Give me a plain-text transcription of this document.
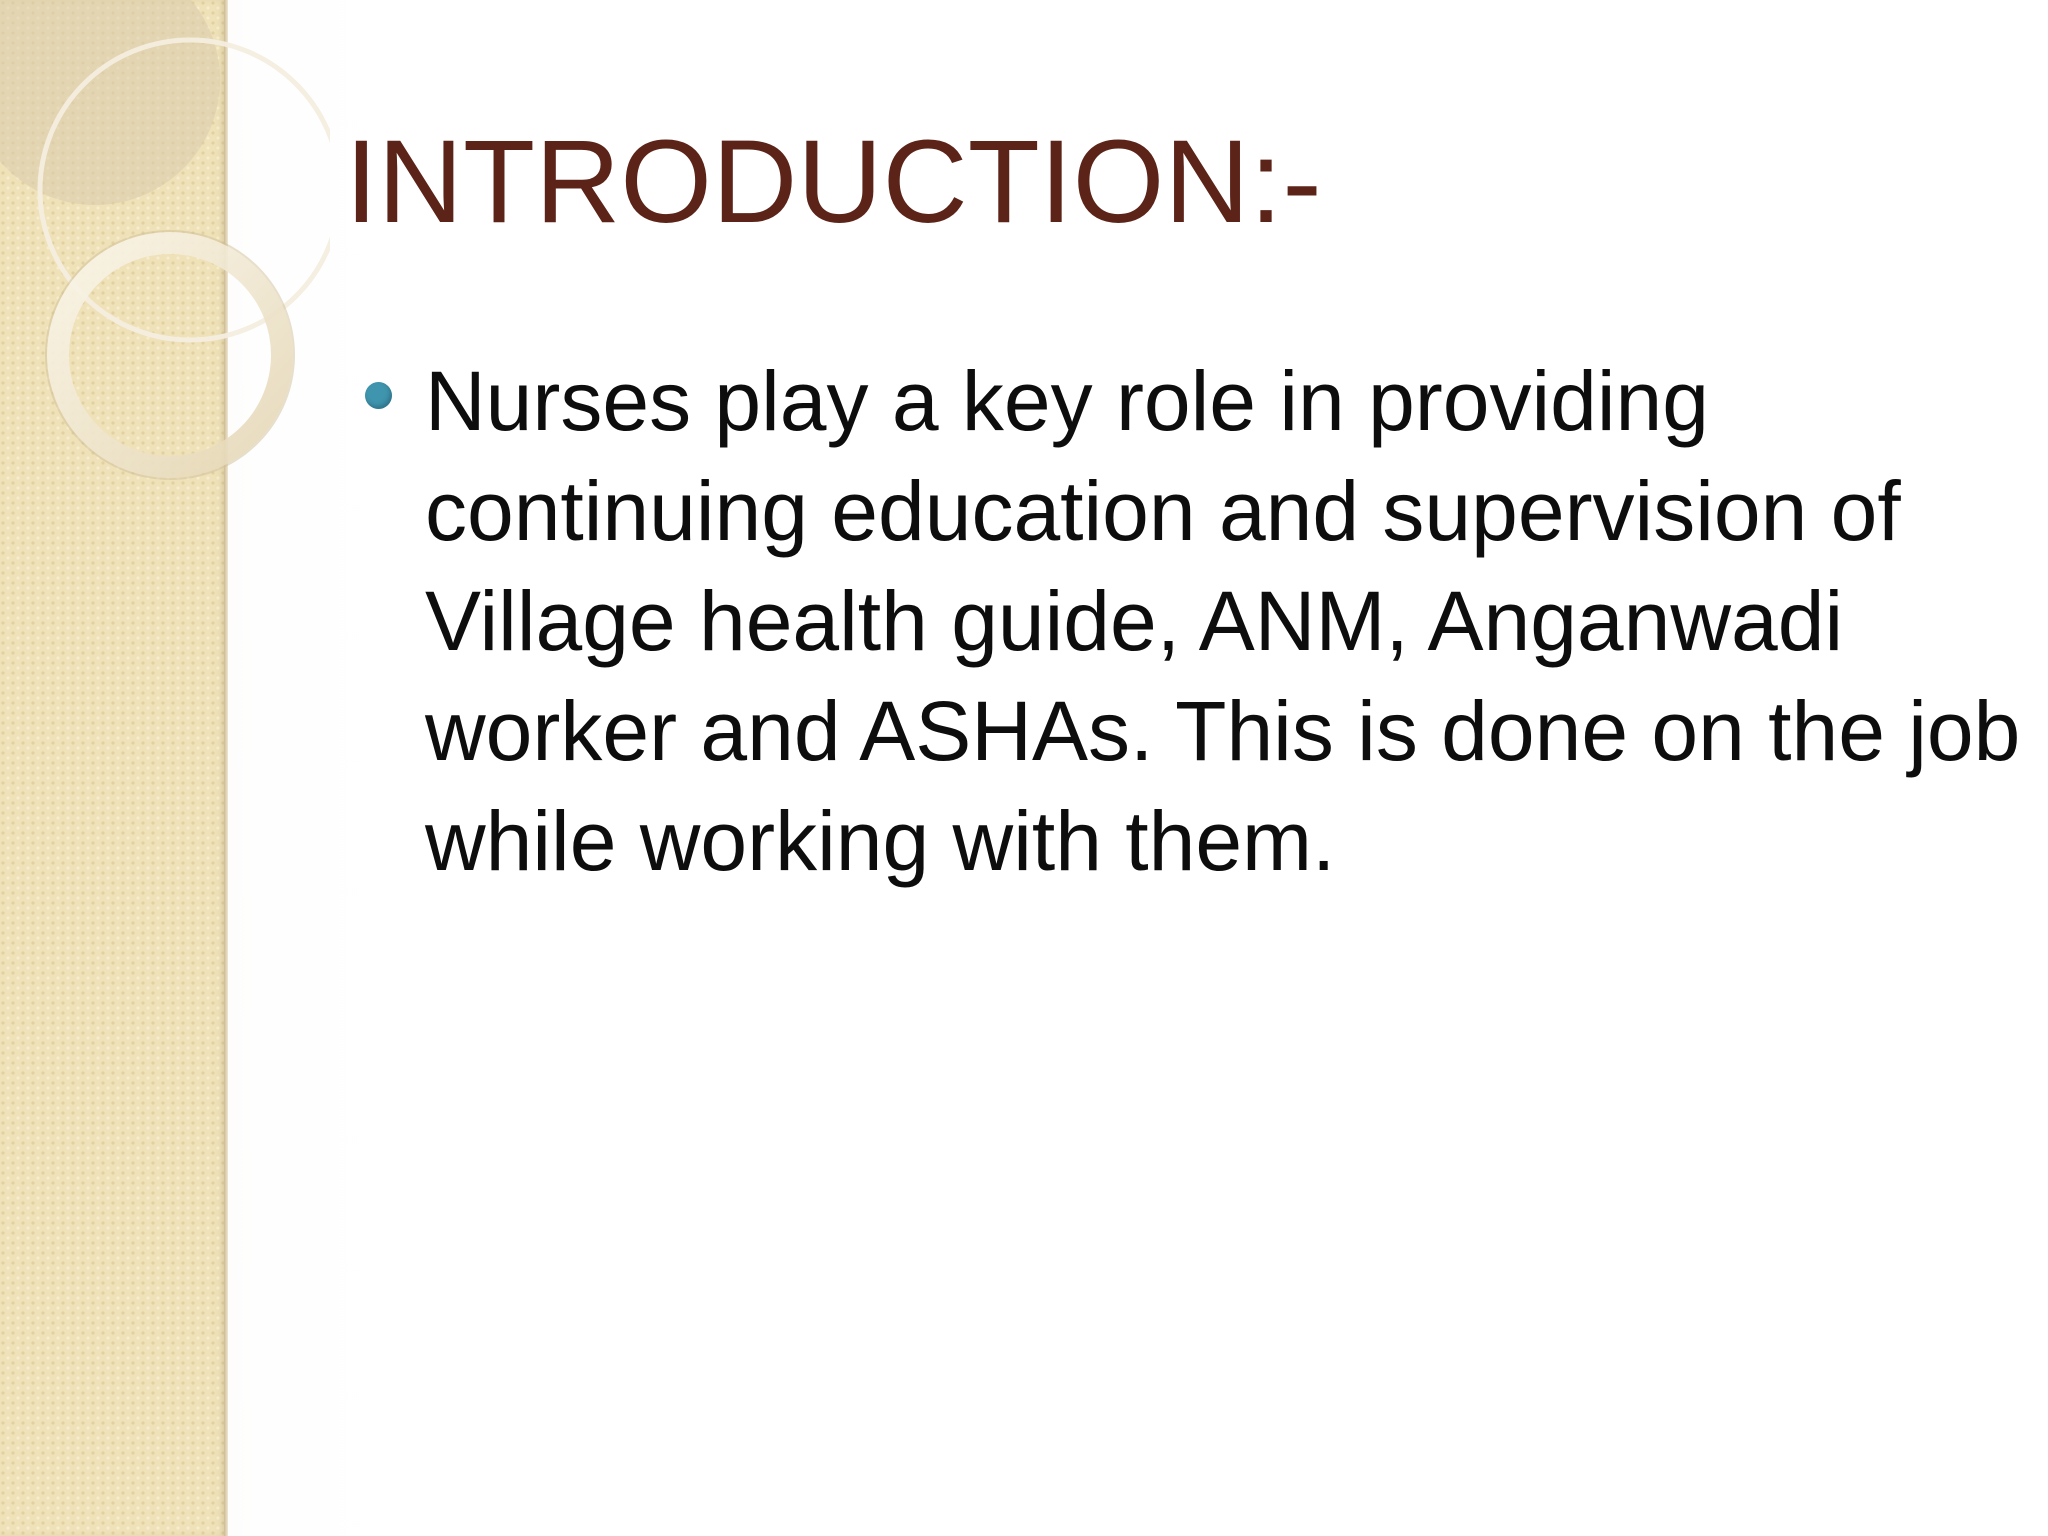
INTRODUCTION:-
Nurses play a key role in providing continuing education and supervision of Village health guide, ANM, Anganwadi worker and ASHAs. This is done on the job while working with them.
